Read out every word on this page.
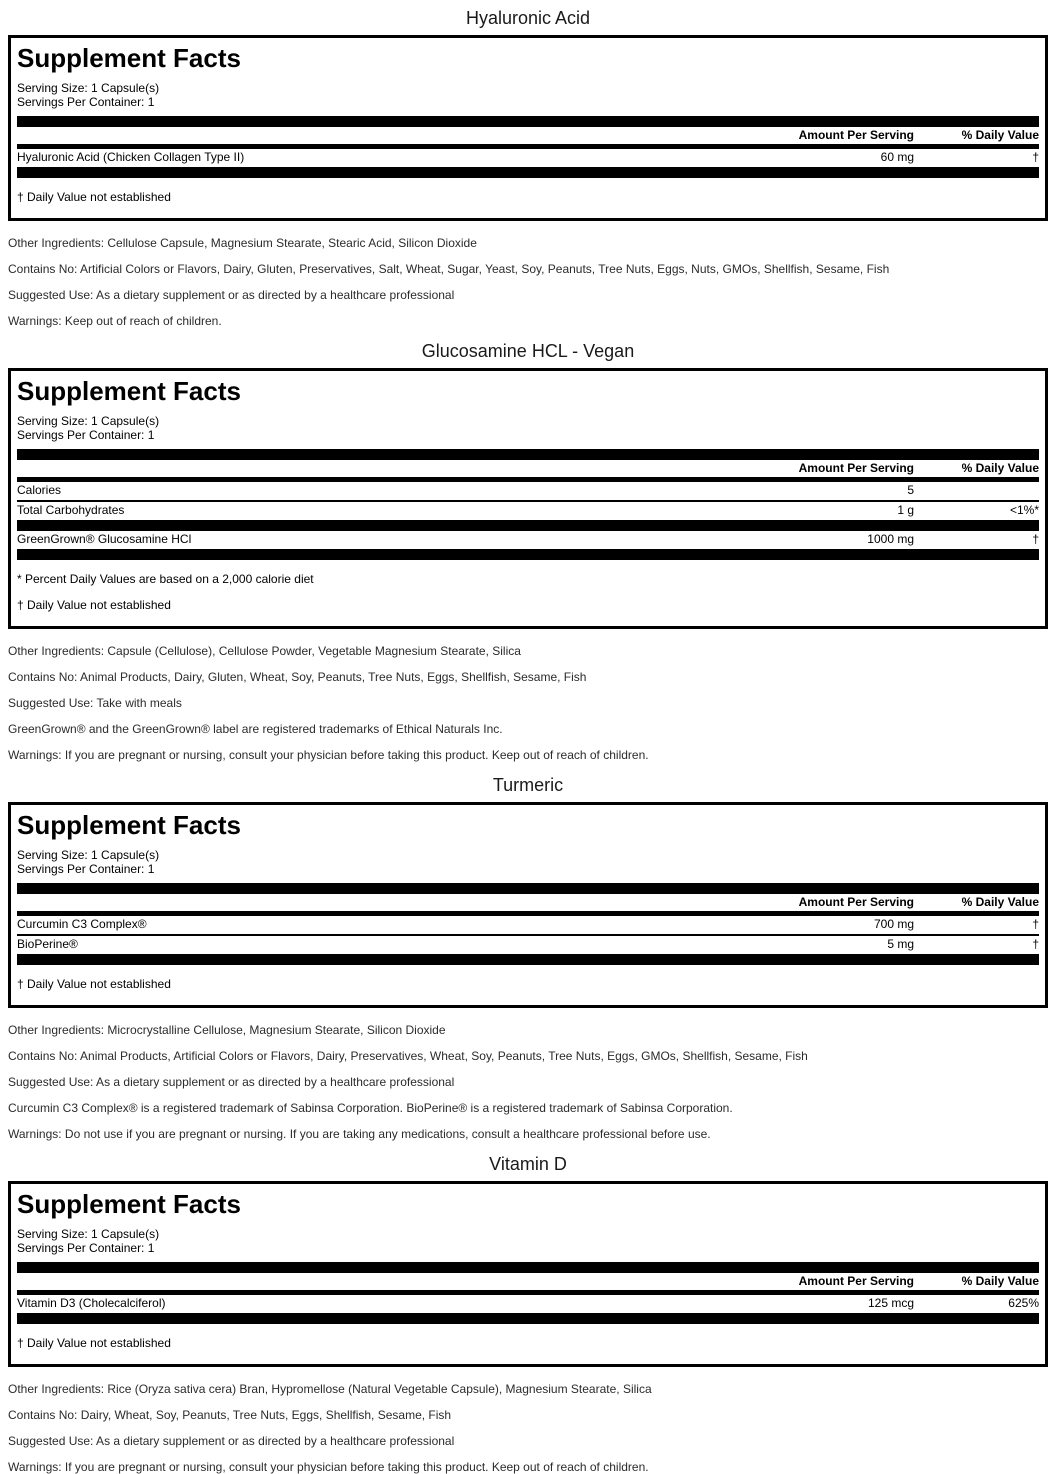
Hyaluronic Acid
Supplement Facts
Serving Size: 1 Capsule(s)
Servings Per Container: 1
Amount Per Serving	% Daily Value
Hyaluronic Acid (Chicken Collagen Type II)	60 mg	†
† Daily Value not established

Other Ingredients: Cellulose Capsule, Magnesium Stearate, Stearic Acid, Silicon Dioxide

Contains No: Artificial Colors or Flavors, Dairy, Gluten, Preservatives, Salt, Wheat, Sugar, Yeast, Soy, Peanuts, Tree Nuts, Eggs, Nuts, GMOs, Shellfish, Sesame, Fish

Suggested Use: As a dietary supplement or as directed by a healthcare professional

Warnings: Keep out of reach of children.

Glucosamine HCL - Vegan
Supplement Facts
Serving Size: 1 Capsule(s)
Servings Per Container: 1
Amount Per Serving	% Daily Value
Calories	5
Total Carbohydrates	1 g	<1%*
GreenGrown® Glucosamine HCl	1000 mg	†
* Percent Daily Values are based on a 2,000 calorie diet
† Daily Value not established

Other Ingredients: Capsule (Cellulose), Cellulose Powder, Vegetable Magnesium Stearate, Silica

Contains No: Animal Products, Dairy, Gluten, Wheat, Soy, Peanuts, Tree Nuts, Eggs, Shellfish, Sesame, Fish

Suggested Use: Take with meals

GreenGrown® and the GreenGrown® label are registered trademarks of Ethical Naturals Inc.

Warnings: If you are pregnant or nursing, consult your physician before taking this product. Keep out of reach of children.

Turmeric
Supplement Facts
Serving Size: 1 Capsule(s)
Servings Per Container: 1
Amount Per Serving	% Daily Value
Curcumin C3 Complex®	700 mg	†
BioPerine®	5 mg	†
† Daily Value not established

Other Ingredients: Microcrystalline Cellulose, Magnesium Stearate, Silicon Dioxide

Contains No: Animal Products, Artificial Colors or Flavors, Dairy, Preservatives, Wheat, Soy, Peanuts, Tree Nuts, Eggs, GMOs, Shellfish, Sesame, Fish

Suggested Use: As a dietary supplement or as directed by a healthcare professional

Curcumin C3 Complex® is a registered trademark of Sabinsa Corporation. BioPerine® is a registered trademark of Sabinsa Corporation.

Warnings: Do not use if you are pregnant or nursing. If you are taking any medications, consult a healthcare professional before use.

Vitamin D
Supplement Facts
Serving Size: 1 Capsule(s)
Servings Per Container: 1
Amount Per Serving	% Daily Value
Vitamin D3 (Cholecalciferol)	125 mcg	625%
† Daily Value not established

Other Ingredients: Rice (Oryza sativa cera) Bran, Hypromellose (Natural Vegetable Capsule), Magnesium Stearate, Silica

Contains No: Dairy, Wheat, Soy, Peanuts, Tree Nuts, Eggs, Shellfish, Sesame, Fish

Suggested Use: As a dietary supplement or as directed by a healthcare professional

Warnings: If you are pregnant or nursing, consult your physician before taking this product. Keep out of reach of children.
